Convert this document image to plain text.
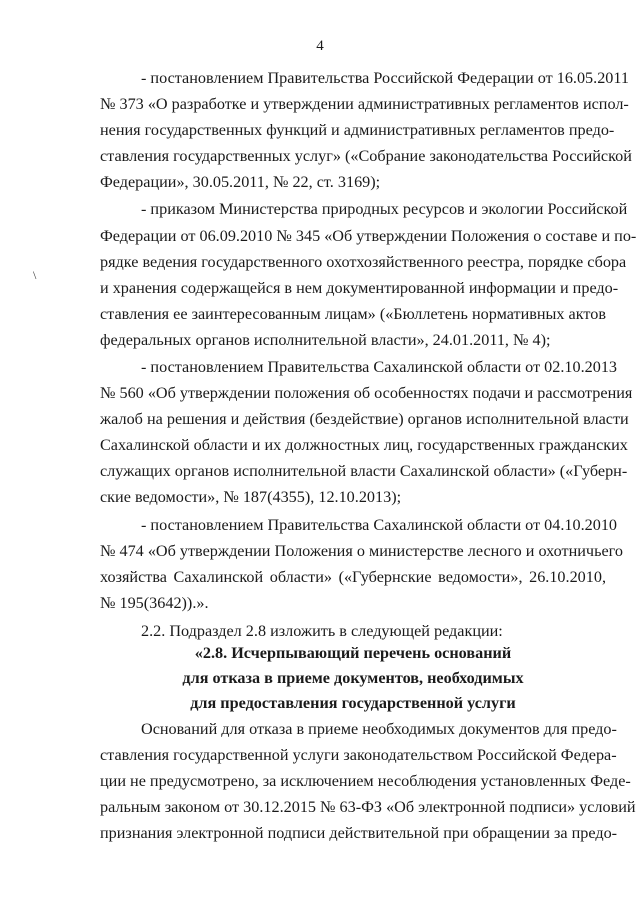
4
\
- постановлением Правительства Российской Федерации от 16.05.2011
№ 373 «О разработке и утверждении административных регламентов испол-
нения государственных функций и административных регламентов предо-
ставления государственных услуг» («Собрание законодательства Российской
Федерации», 30.05.2011, № 22, ст. 3169);
- приказом Министерства природных ресурсов и экологии Российской
Федерации от 06.09.2010 № 345 «Об утверждении Положения о составе и по-
рядке ведения государственного охотхозяйственного реестра, порядке сбора
и хранения содержащейся в нем документированной информации и предо-
ставления ее заинтересованным лицам» («Бюллетень нормативных актов
федеральных органов исполнительной власти», 24.01.2011, № 4);
- постановлением Правительства Сахалинской области от 02.10.2013
№ 560 «Об утверждении положения об особенностях подачи и рассмотрения
жалоб на решения и действия (бездействие) органов исполнительной власти
Сахалинской области и их должностных лиц, государственных гражданских
служащих органов исполнительной власти Сахалинской области» («Губерн-
ские ведомости», № 187(4355), 12.10.2013);
- постановлением Правительства Сахалинской области от 04.10.2010
№ 474 «Об утверждении Положения о министерстве лесного и охотничьего
хозяйства Сахалинской области» («Губернские ведомости», 26.10.2010,
№ 195(3642)).».
2.2. Подраздел 2.8 изложить в следующей редакции:
«2.8. Исчерпывающий перечень оснований
для отказа в приеме документов, необходимых
для предоставления государственной услуги
Оснований для отказа в приеме необходимых документов для предо-
ставления государственной услуги законодательством Российской Федера-
ции не предусмотрено, за исключением несоблюдения установленных Феде-
ральным законом от 30.12.2015 № 63-ФЗ «Об электронной подписи» условий
признания электронной подписи действительной при обращении за предо-
